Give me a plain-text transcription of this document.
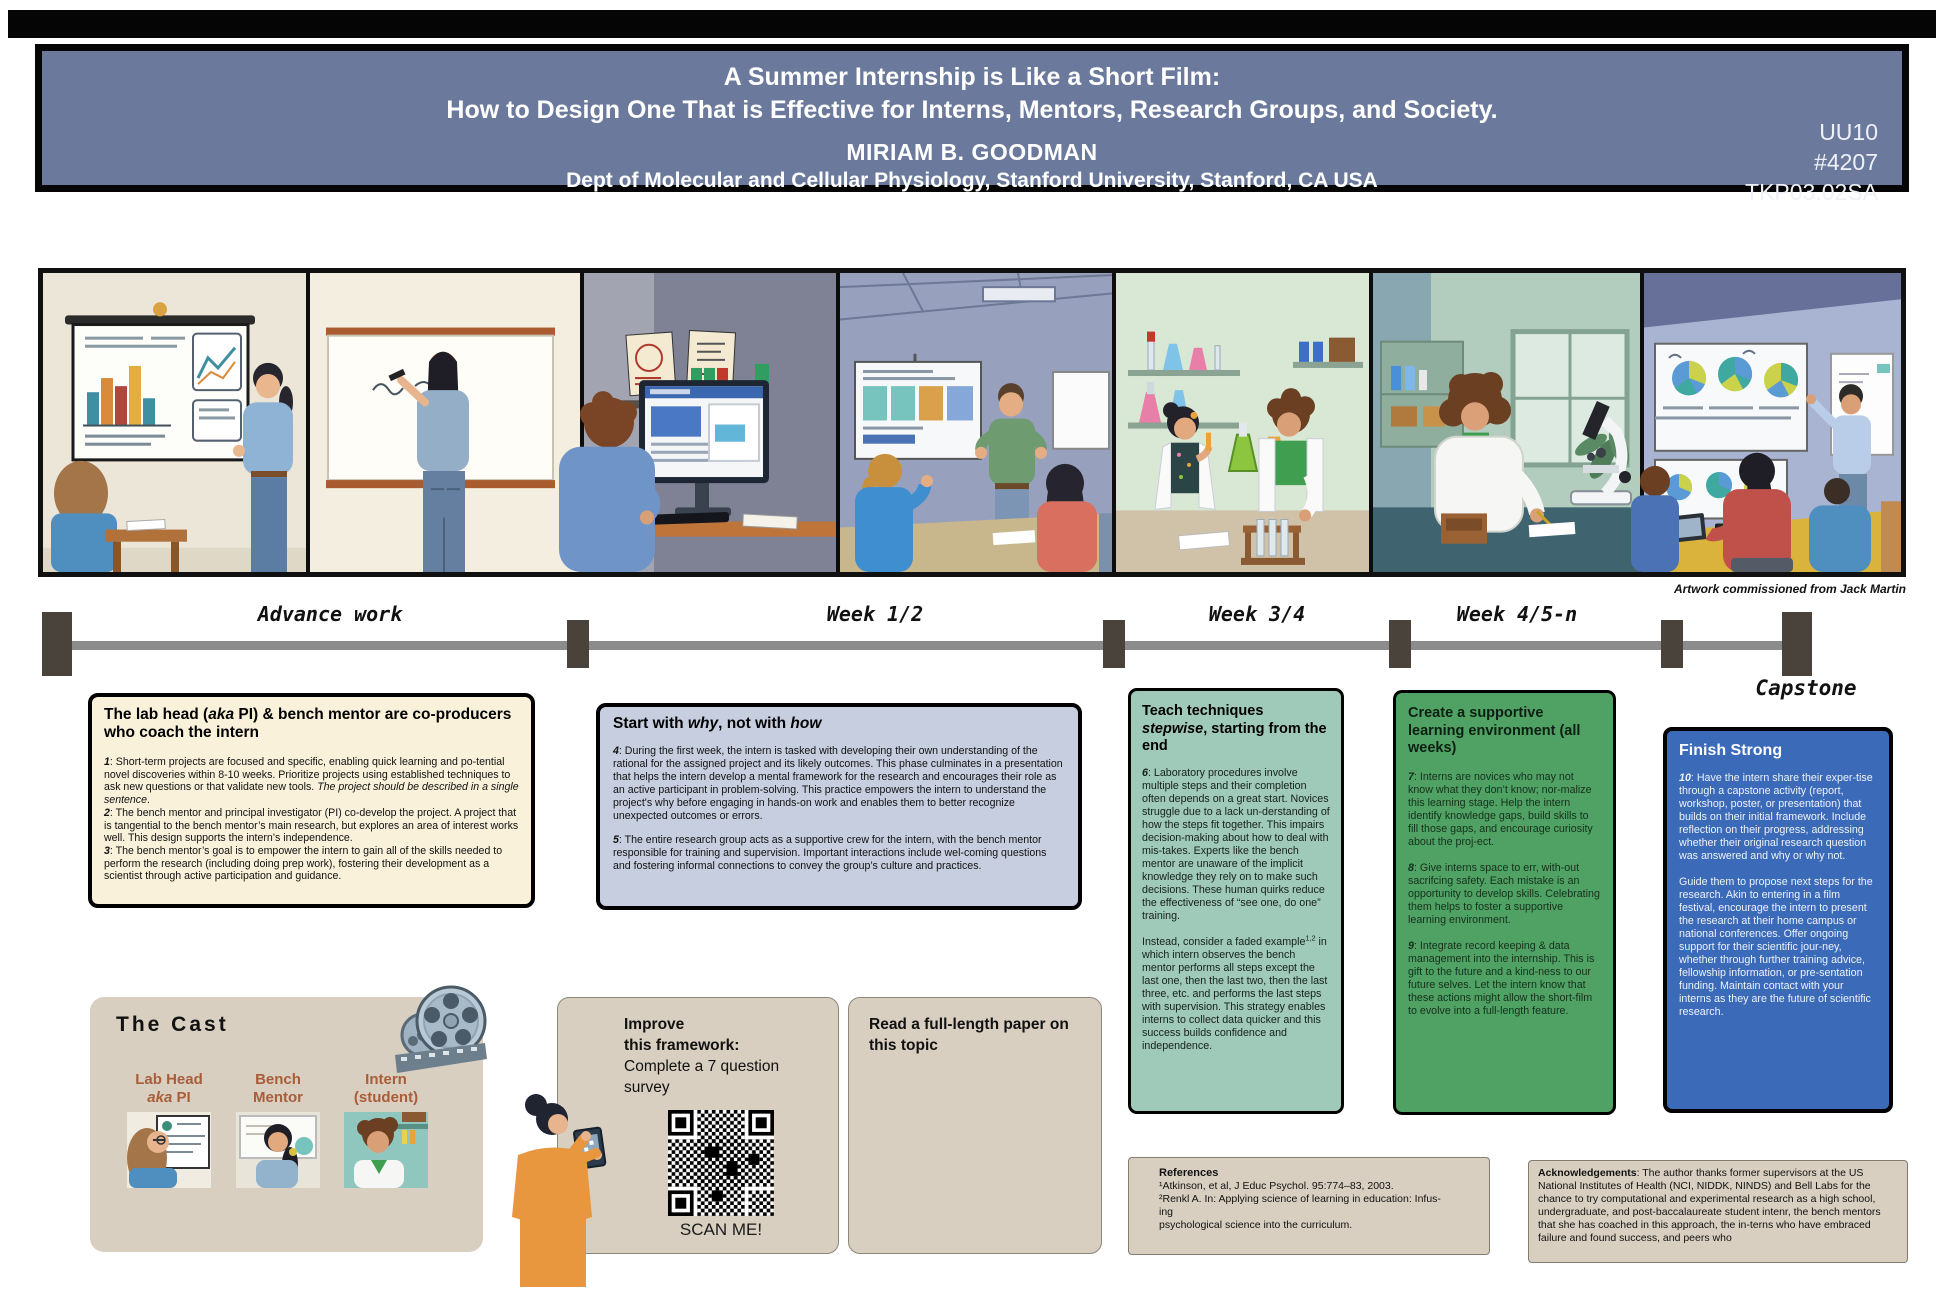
A Summer Internship is Like a Short Film:
How to Design One That is Effective for Interns, Mentors, Research Groups, and Society.
MIRIAM B. GOODMAN
Dept of Molecular and Cellular Physiology, Stanford University, Stanford, CA USA
UU10
#4207
TKP03.02SA
Artwork commissioned from Jack Martin
Advance work	Week 1/2	Week 3/4	Week 4/5-n
Capstone
The lab head (aka PI) & bench mentor are co-producers who coach the intern

1: Short-term projects are focused and specific, enabling quick learning and po-tential novel discoveries within 8-10 weeks. Prioritize projects using established techniques to ask new questions or that validate new tools. The project should be described in a single sentence.

2: The bench mentor and principal investigator (PI) co-develop the project. A project that is tangential to the bench mentor’s main research, but explores an area of interest works well. This design supports the intern’s independence.

3: The bench mentor’s goal is to empower the intern to gain all of the skills needed to perform the research (including doing prep work), fostering their development as a scientist through active participation and guidance.

Start with why, not with how

4: During the first week, the intern is tasked with developing their own understanding of the rational for the assigned project and its likely outcomes. This phase culminates in a presentation that helps the intern develop a mental framework for the research and encourages their role as an active participant in problem-solving. This practice empowers the intern to understand the project's why before engaging in hands-on work and enables them to better recognize unexpected outcomes or errors.

5: The entire research group acts as a supportive crew for the intern, with the bench mentor responsible for training and supervision. Important interactions include wel-coming questions and fostering informal connections to convey the group’s culture and practices.

Teach techniques stepwise, starting from the end

6: Laboratory procedures involve multiple steps and their completion often depends on a great start. Novices struggle due to a lack un-derstanding of how the steps fit together. This impairs decision-making about how to deal with mis-takes. Experts like the bench mentor are unaware of the implicit knowledge they rely on to make such decisions. These human quirks reduce the effectiveness of “see one, do one” training.

Instead, consider a faded example$^{1,2}$ in which intern observes the bench mentor performs all steps except the last one, then the last two, then the last three, etc. and performs the last steps with supervision. This strategy enables interns to collect data quicker and this success builds confidence and independence.

Create a supportive learning environment (all weeks)

7: Interns are novices who may not know what they don’t know; nor-malize this learning stage. Help the intern identify knowledge gaps, build skills to fill those gaps, and encourage curiosity about the proj-ect.

8: Give interns space to err, with-out sacrifcing safety. Each mistake is an opportunity to develop skills. Celebrating them helps to foster a supportive learning environment.

9: Integrate record keeping & data management into the internship. This is gift to the future and a kind-ness to our future selves. Let the intern know that these actions might allow the short-film to evolve into a full-length feature.

Finish Strong

10: Have the intern share their exper-tise through a capstone activity (report, workshop, poster, or presentation) that builds on their initial framework. Include reflection on their progress, addressing whether their original research question was answered and why or why not.

Guide them to propose next steps for the research. Akin to entering in a film festival, encourage the intern to present the research at their home campus or national conferences. Offer ongoing support for their scientific jour-ney, whether through further training advice, fellowship information, or pre-sentation funding. Maintain contact with your interns as they are the future of scientific research.

The Cast
Lab Head
aka PI
Bench
Mentor
Intern
(student)
Improve
this framework:
Complete a 7 question survey
SCAN ME!
Read a full-length paper on this topic
References
¹Atkinson, et al, J Educ Psychol. 95:774–83, 2003.
²Renkl A. In: Applying science of learning in education: Infus-
ing
psychological science into the curriculum.
Acknowledgements: The author thanks former supervisors at the US National Institutes of Health (NCI, NIDDK, NINDS) and Bell Labs for the chance to try computational and experimental research as a high school, undergraduate, and post-baccalaureate student intenr, the bench mentors that she has coached in this approach, the in-terns who have embraced failure and found success, and peers who
